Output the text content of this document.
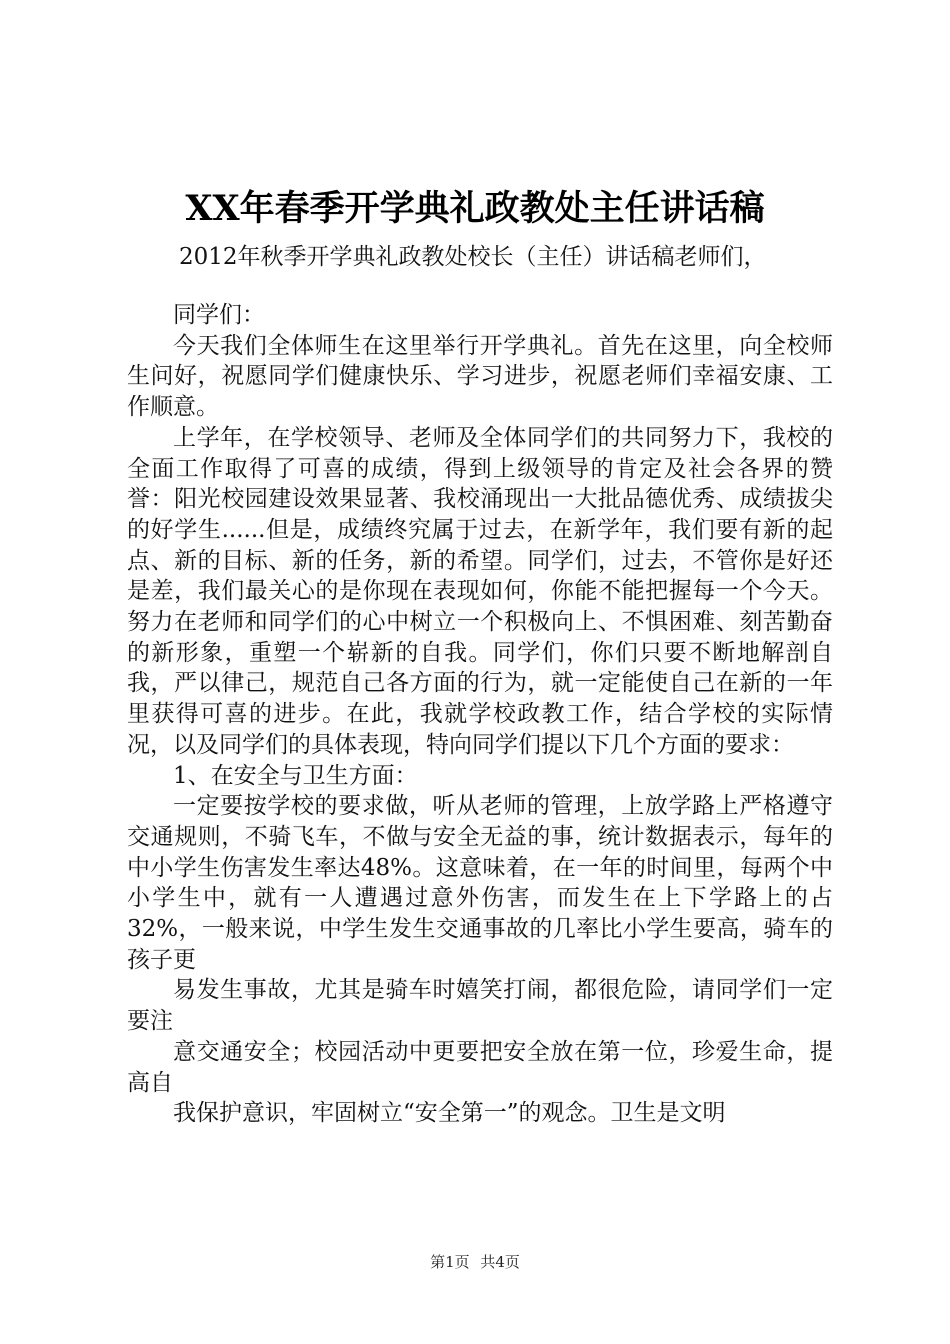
XX年春季开学典礼政教处主任讲话稿
2012年秋季开学典礼政教处校长（主任）讲话稿老师们，

同学们：

今天我们全体师生在这里举行开学典礼。首先在这里，向全校师生问好，祝愿同学们健康快乐、学习进步，祝愿老师们幸福安康、工作顺意。

上学年，在学校领导、老师及全体同学们的共同努力下，我校的全面工作取得了可喜的成绩，得到上级领导的肯定及社会各界的赞誉：阳光校园建设效果显著、我校涌现出一大批品德优秀、成绩拔尖的好学生......但是，成绩终究属于过去，在新学年，我们要有新的起点、新的目标、新的任务，新的希望。同学们，过去，不管你是好还是差，我们最关心的是你现在表现如何，你能不能把握每一个今天。努力在老师和同学们的心中树立一个积极向上、不惧困难、刻苦勤奋的新形象，重塑一个崭新的自我。同学们，你们只要不断地解剖自我，严以律己，规范自己各方面的行为，就一定能使自己在新的一年里获得可喜的进步。在此，我就学校政教工作，结合学校的实际情况，以及同学们的具体表现，特向同学们提以下几个方面的要求：

1、在安全与卫生方面：

一定要按学校的要求做，听从老师的管理，上放学路上严格遵守交通规则，不骑飞车，不做与安全无益的事，统计数据表示，每年的中小学生伤害发生率达48%。这意味着，在一年的时间里，每两个中小学生中，就有一人遭遇过意外伤害，而发生在上下学路上的占32%，一般来说，中学生发生交通事故的几率比小学生要高，骑车的孩子更

易发生事故，尤其是骑车时嬉笑打闹，都很危险，请同学们一定要注

意交通安全；校园活动中更要把安全放在第一位，珍爱生命，提高自

我保护意识，牢固树立“安全第一”的观念。卫生是文明

第1页 共4页
